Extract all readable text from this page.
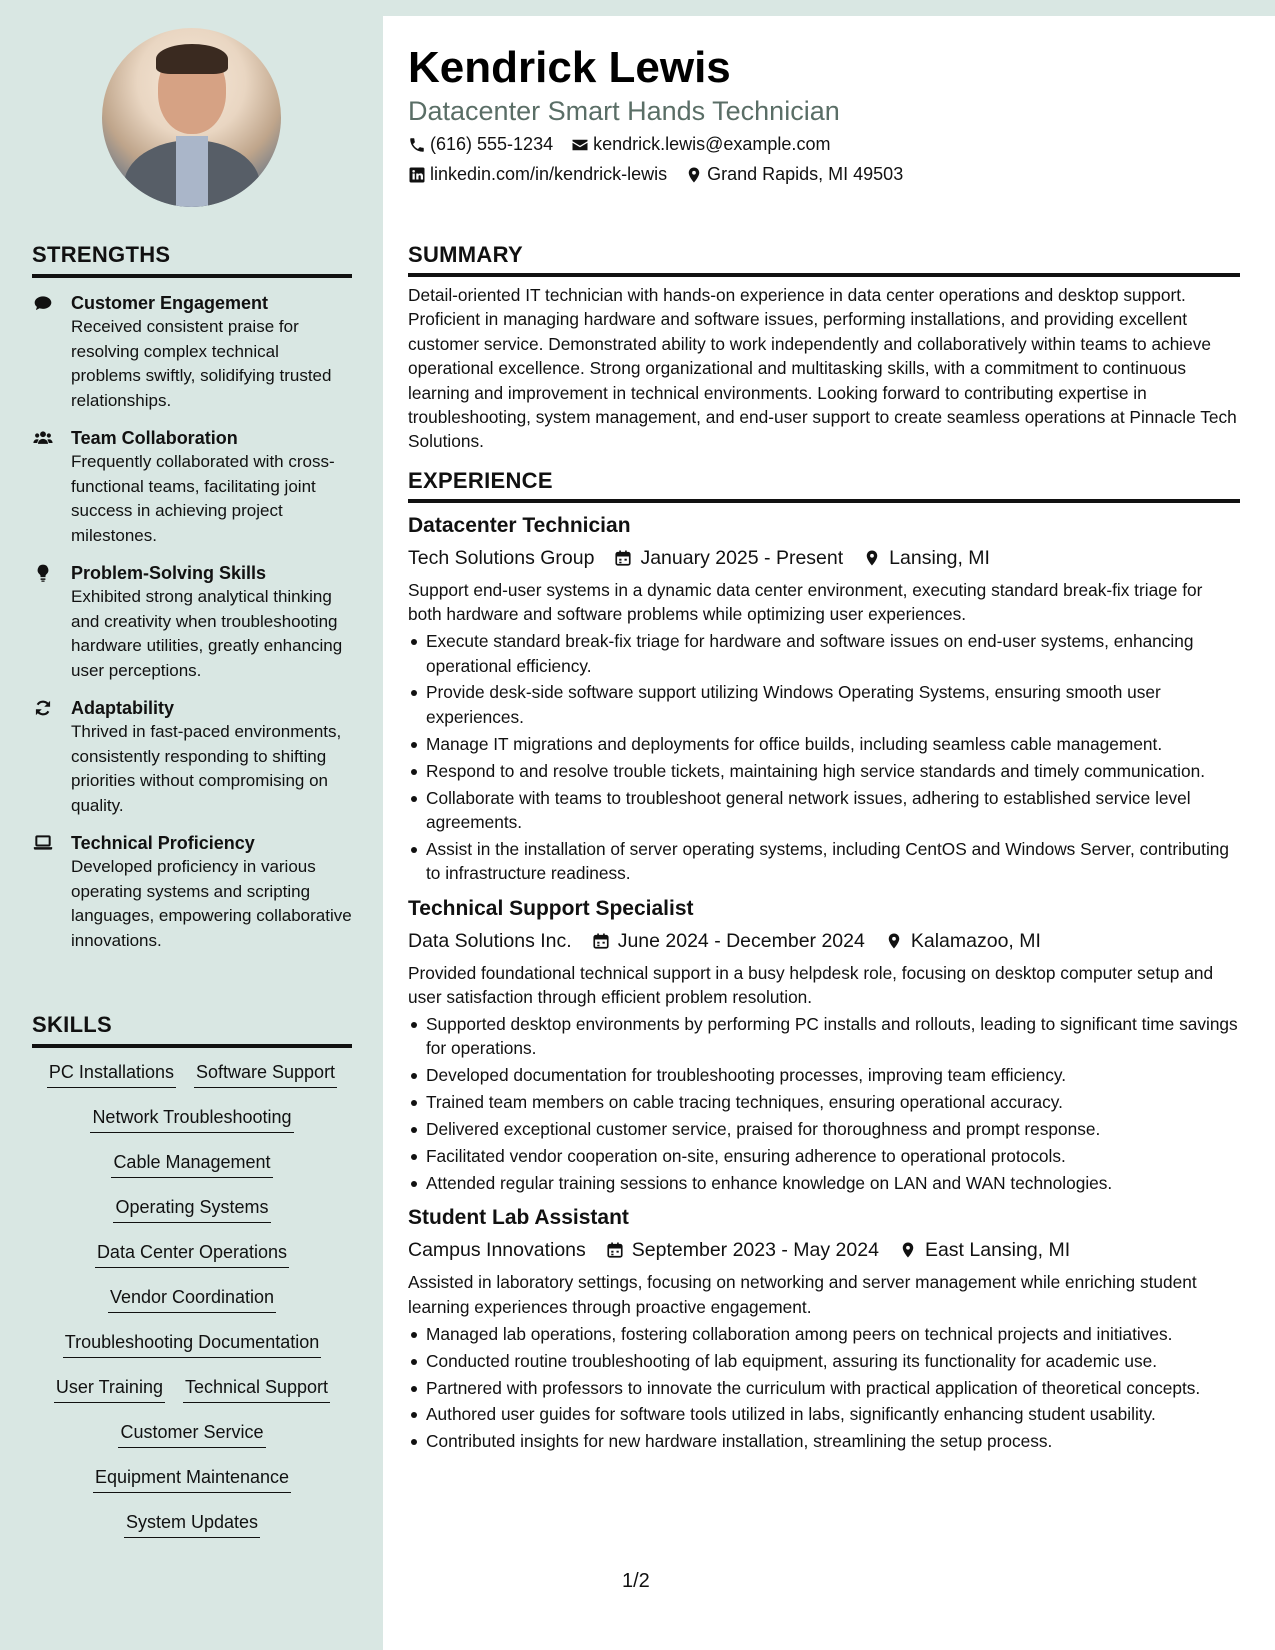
Kendrick Lewis
Datacenter Smart Hands Technician
(616) 555-1234 kendrick.lewis@example.com
linkedin.com/in/kendrick-lewis Grand Rapids, MI 49503
STRENGTHS
Customer Engagement
Received consistent praise for resolving complex technical problems swiftly, solidifying trusted relationships.
Team Collaboration
Frequently collaborated with cross-functional teams, facilitating joint success in achieving project milestones.
Problem-Solving Skills
Exhibited strong analytical thinking and creativity when troubleshooting hardware utilities, greatly enhancing user perceptions.
Adaptability
Thrived in fast-paced environments, consistently responding to shifting priorities without compromising on quality.
Technical Proficiency
Developed proficiency in various operating systems and scripting languages, empowering collaborative innovations.
SKILLS
PC Installations Software Support
Network Troubleshooting
Cable Management
Operating Systems
Data Center Operations
Vendor Coordination
Troubleshooting Documentation
User Training Technical Support
Customer Service
Equipment Maintenance
System Updates
SUMMARY
Detail-oriented IT technician with hands-on experience in data center operations and desktop support. Proficient in managing hardware and software issues, performing installations, and providing excellent customer service. Demonstrated ability to work independently and collaboratively within teams to achieve operational excellence. Strong organizational and multitasking skills, with a commitment to continuous learning and improvement in technical environments. Looking forward to contributing expertise in troubleshooting, system management, and end-user support to create seamless operations at Pinnacle Tech Solutions.
EXPERIENCE
Datacenter Technician
Tech Solutions Group January 2025 - Present Lansing, MI
Support end-user systems in a dynamic data center environment, executing standard break-fix triage for both hardware and software problems while optimizing user experiences.
Execute standard break-fix triage for hardware and software issues on end-user systems, enhancing operational efficiency.
Provide desk-side software support utilizing Windows Operating Systems, ensuring smooth user experiences.
Manage IT migrations and deployments for office builds, including seamless cable management.
Respond to and resolve trouble tickets, maintaining high service standards and timely communication.
Collaborate with teams to troubleshoot general network issues, adhering to established service level agreements.
Assist in the installation of server operating systems, including CentOS and Windows Server, contributing to infrastructure readiness.
Technical Support Specialist
Data Solutions Inc. June 2024 - December 2024 Kalamazoo, MI
Provided foundational technical support in a busy helpdesk role, focusing on desktop computer setup and user satisfaction through efficient problem resolution.
Supported desktop environments by performing PC installs and rollouts, leading to significant time savings for operations.
Developed documentation for troubleshooting processes, improving team efficiency.
Trained team members on cable tracing techniques, ensuring operational accuracy.
Delivered exceptional customer service, praised for thoroughness and prompt response.
Facilitated vendor cooperation on-site, ensuring adherence to operational protocols.
Attended regular training sessions to enhance knowledge on LAN and WAN technologies.
Student Lab Assistant
Campus Innovations September 2023 - May 2024 East Lansing, MI
Assisted in laboratory settings, focusing on networking and server management while enriching student learning experiences through proactive engagement.
Managed lab operations, fostering collaboration among peers on technical projects and initiatives.
Conducted routine troubleshooting of lab equipment, assuring its functionality for academic use.
Partnered with professors to innovate the curriculum with practical application of theoretical concepts.
Authored user guides for software tools utilized in labs, significantly enhancing student usability.
Contributed insights for new hardware installation, streamlining the setup process.
1/2
